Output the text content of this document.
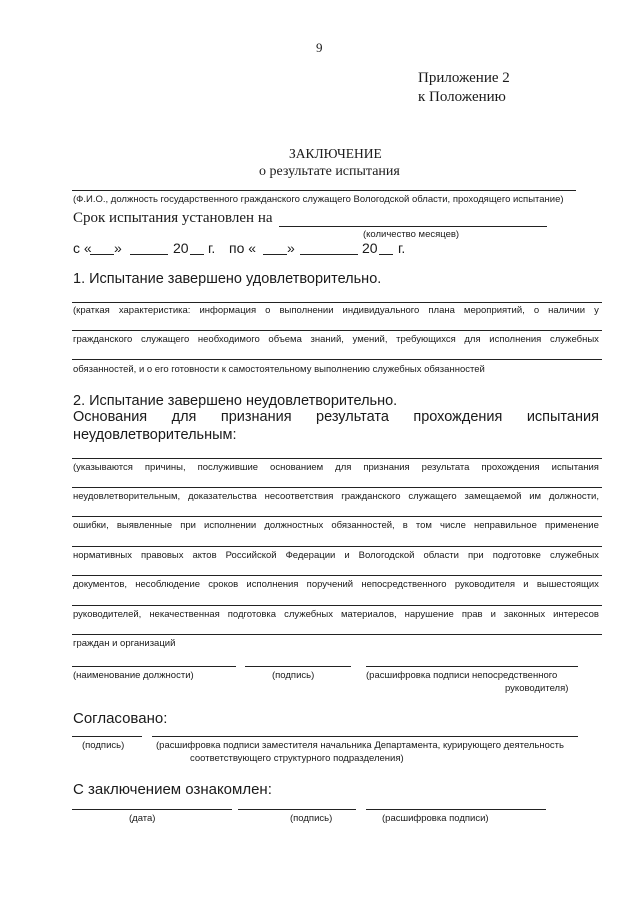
9
Приложение 2
к Положению
ЗАКЛЮЧЕНИЕ
о результате испытания
(Ф.И.О., должность государственного гражданского служащего Вологодской области, проходящего испытание)
Срок испытания установлен на
(количество месяцев)
с « »	20 г. по « »	20 г.
1. Испытание завершено удовлетворительно.
(краткая характеристика: информация о выполнении индивидуального плана мероприятий, о наличии у
гражданского служащего необходимого объема знаний, умений, требующихся для исполнения служебных
обязанностей, и о его готовности к самостоятельному выполнению служебных обязанностей
2. Испытание завершено неудовлетворительно.
Основания для признания результата прохождения испытания
неудовлетворительным:
(указываются причины, послужившие основанием для признания результата прохождения испытания
неудовлетворительным, доказательства несоответствия гражданского служащего замещаемой им должности,
ошибки, выявленные при исполнении должностных обязанностей, в том числе неправильное применение
нормативных правовых актов Российской Федерации и Вологодской области при подготовке служебных
документов, несоблюдение сроков исполнения поручений непосредственного руководителя и вышестоящих
руководителей, некачественная подготовка служебных материалов, нарушение прав и законных интересов
граждан и организаций
(наименование должности)	(подпись)	(расшифровка подписи непосредственного
руководителя)
Согласовано:
(подпись)	(расшифровка подписи заместителя начальника Департамента, курирующего деятельность
соответствующего структурного подразделения)
С заключением ознакомлен:
(дата)	(подпись)	(расшифровка подписи)
